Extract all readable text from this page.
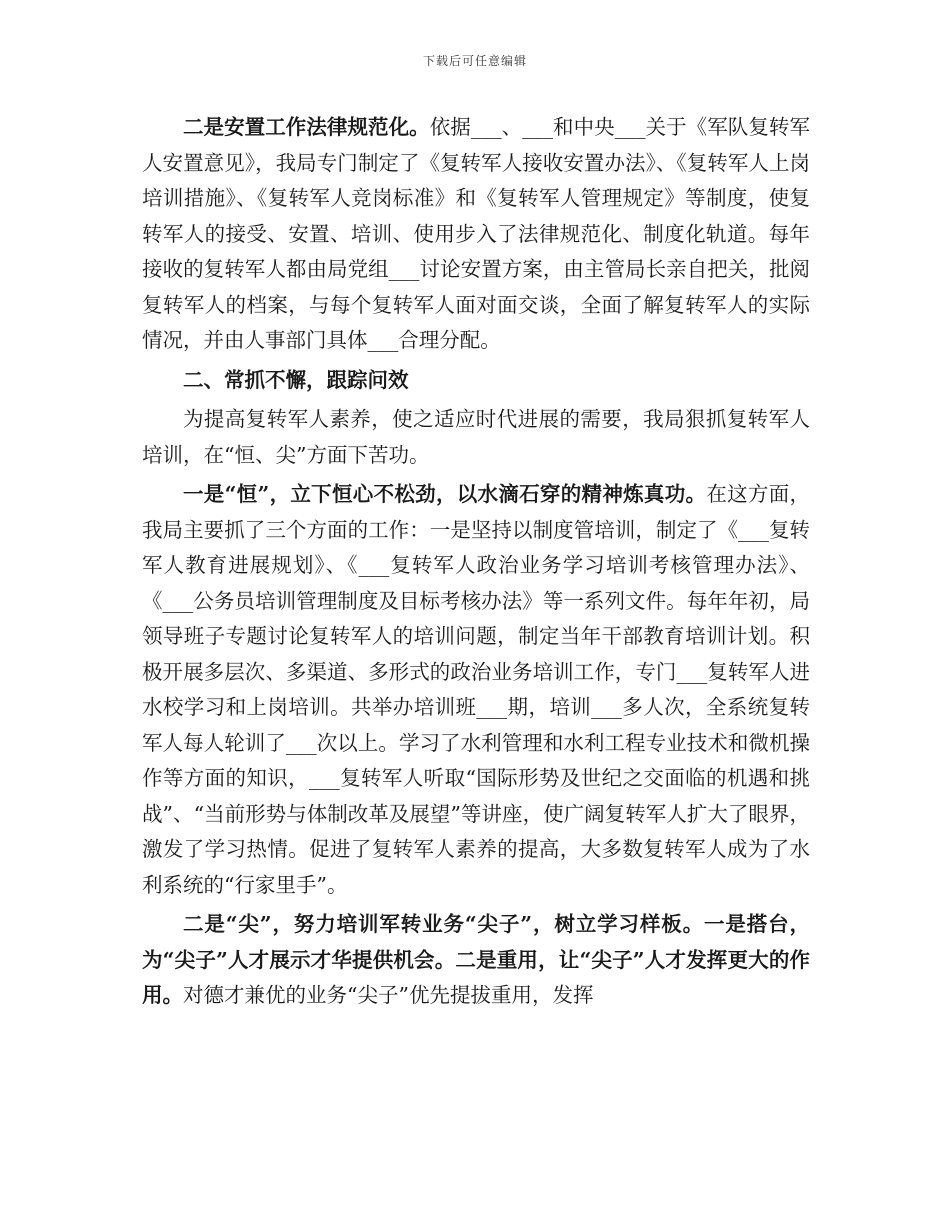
下载后可任意编辑

二是安置工作法律规范化。依据___、___和中央___关于《军队复转军人安置意见》，我局专门制定了《复转军人接收安置办法》、《复转军人上岗培训措施》、《复转军人竞岗标准》和《复转军人管理规定》等制度，使复转军人的接受、安置、培训、使用步入了法律规范化、制度化轨道。每年接收的复转军人都由局党组___讨论安置方案，由主管局长亲自把关，批阅复转军人的档案，与每个复转军人面对面交谈，全面了解复转军人的实际情况，并由人事部门具体___合理分配。

二、常抓不懈，跟踪问效

为提高复转军人素养，使之适应时代进展的需要，我局狠抓复转军人培训，在“恒、尖”方面下苦功。

一是“恒”，立下恒心不松劲，以水滴石穿的精神炼真功。在这方面，我局主要抓了三个方面的工作：一是坚持以制度管培训，制定了《___复转军人教育进展规划》、《___复转军人政治业务学习培训考核管理办法》、《___公务员培训管理制度及目标考核办法》等一系列文件。每年年初，局领导班子专题讨论复转军人的培训问题，制定当年干部教育培训计划。积极开展多层次、多渠道、多形式的政治业务培训工作，专门___复转军人进水校学习和上岗培训。共举办培训班___期，培训___多人次，全系统复转军人每人轮训了___次以上。学习了水利管理和水利工程专业技术和微机操作等方面的知识，___复转军人听取“国际形势及世纪之交面临的机遇和挑战”、“当前形势与体制改革及展望”等讲座，使广阔复转军人扩大了眼界，激发了学习热情。促进了复转军人素养的提高，大多数复转军人成为了水利系统的“行家里手”。

二是“尖”，努力培训军转业务“尖子”，树立学习样板。一是搭台，为“尖子”人才展示才华提供机会。二是重用，让“尖子”人才发挥更大的作用。对德才兼优的业务“尖子”优先提拔重用，发挥
